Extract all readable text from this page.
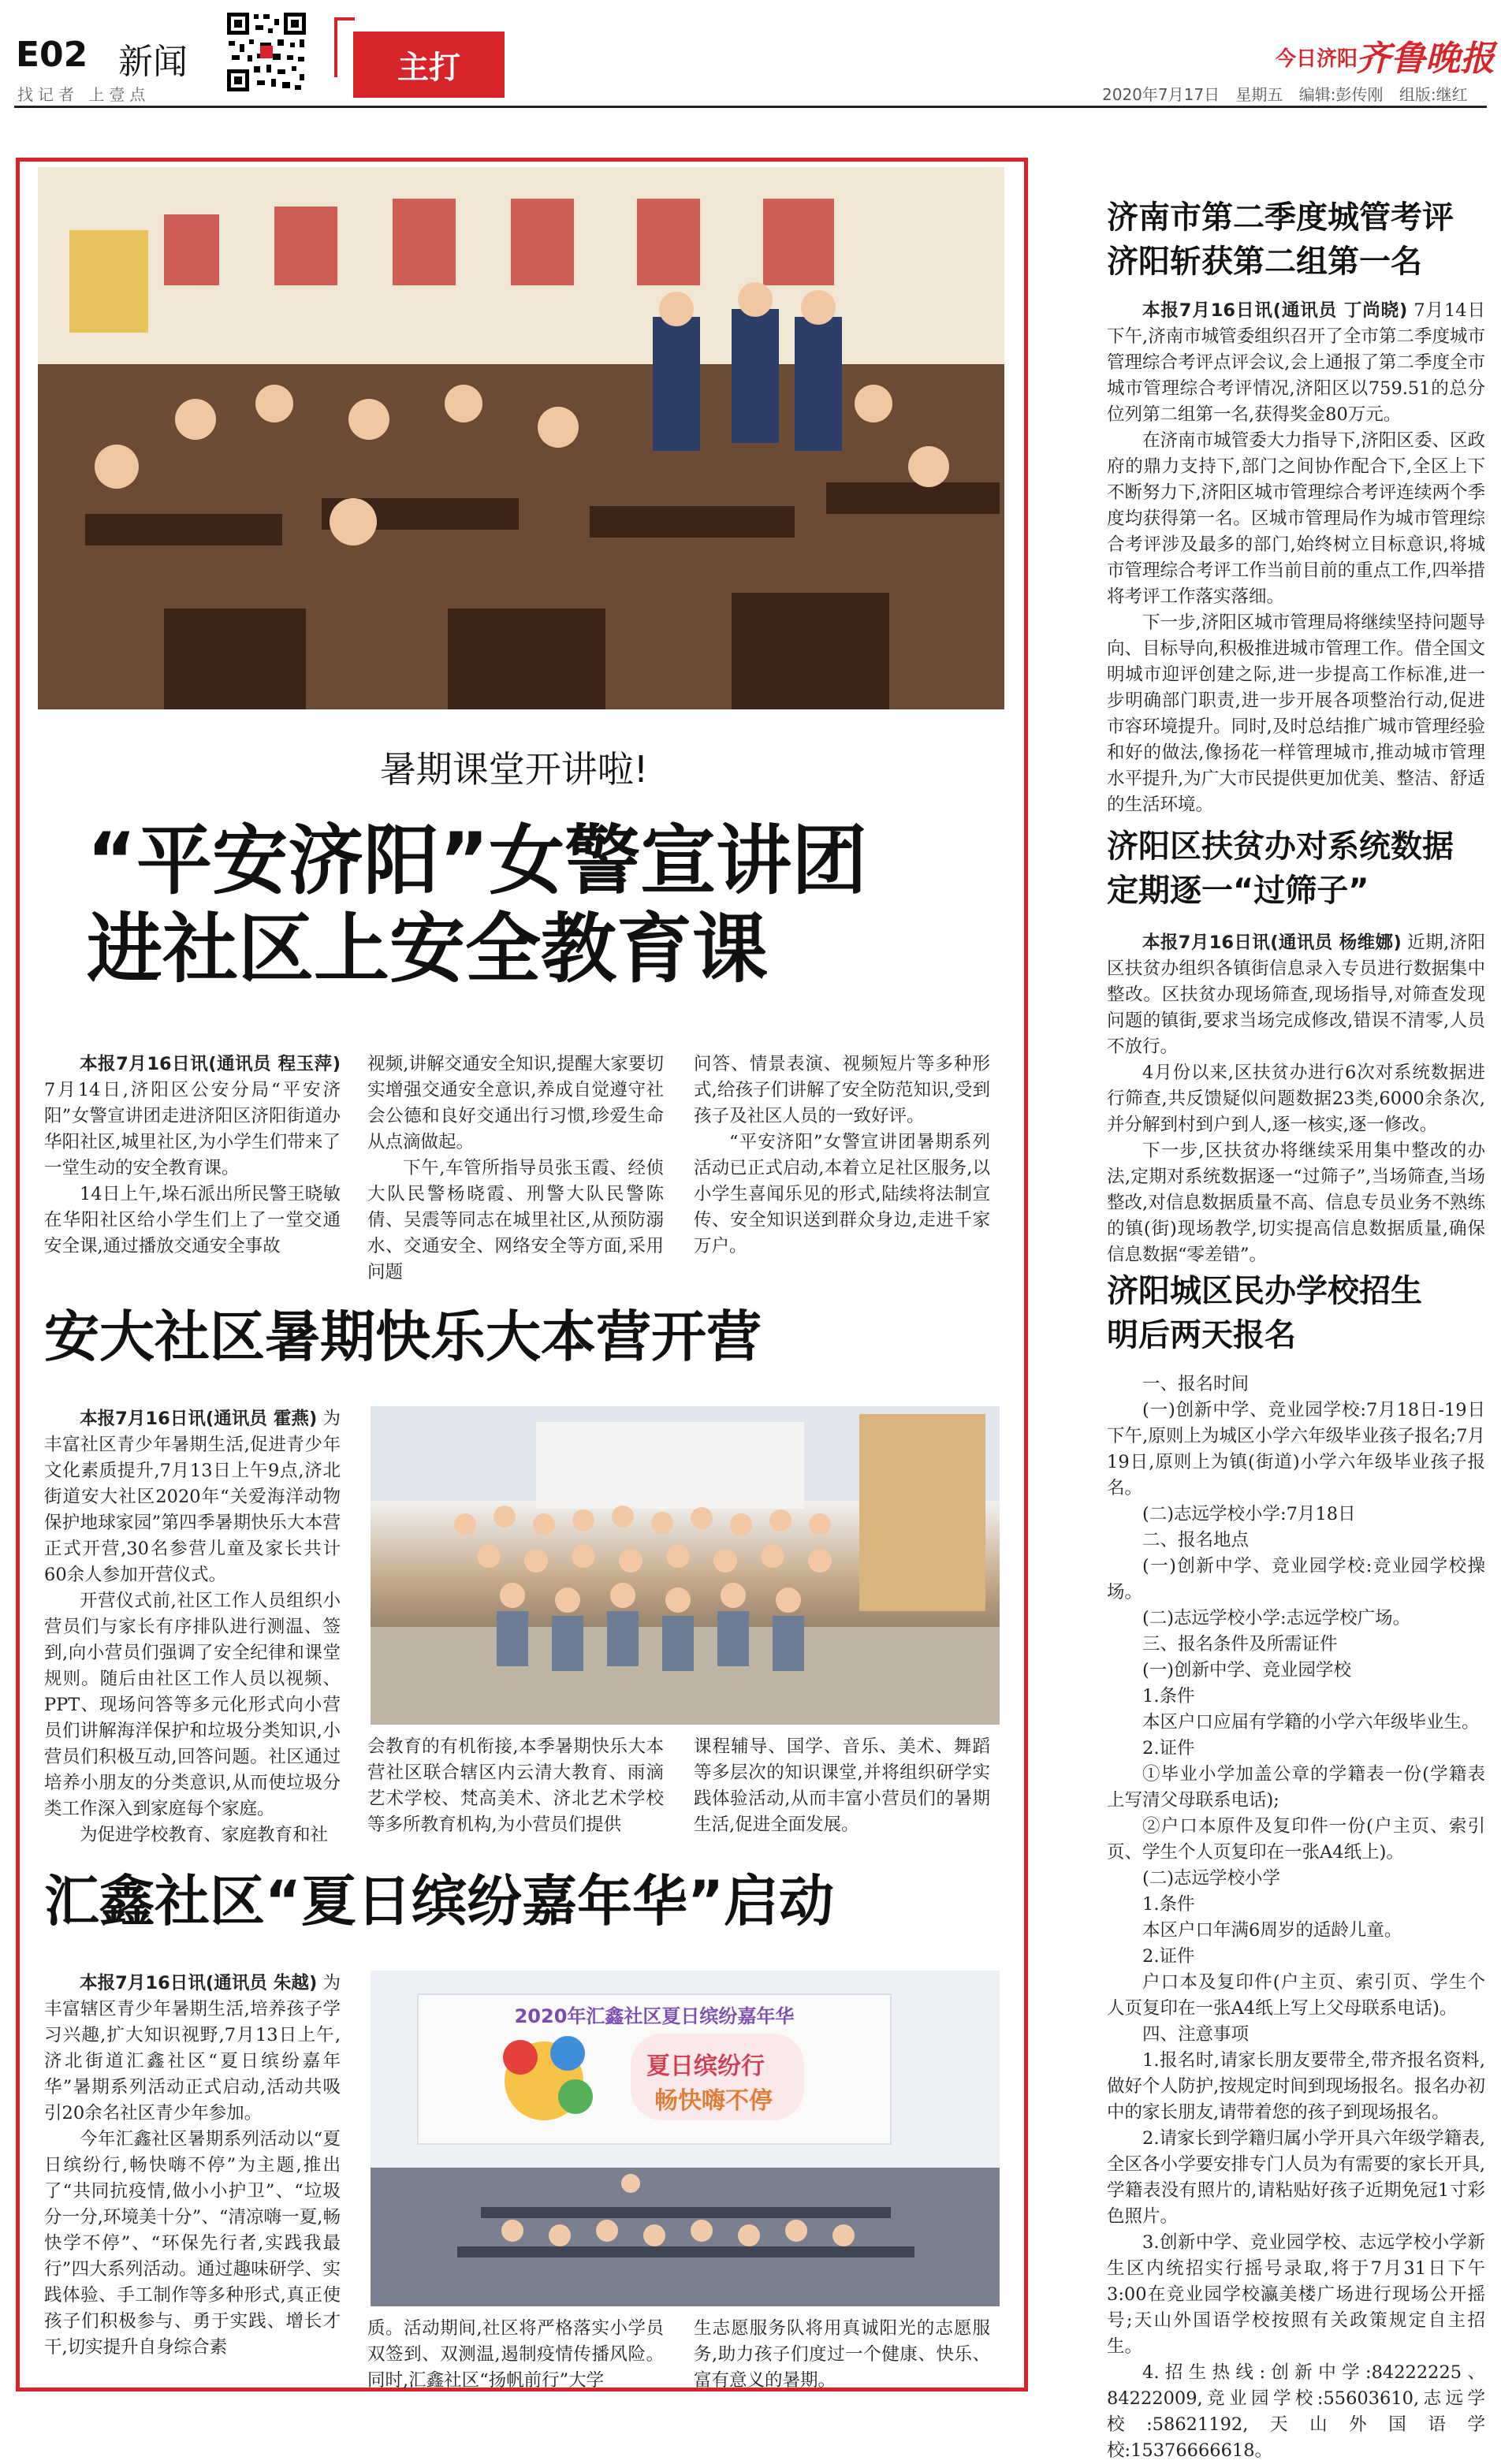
E02 新闻
找记者 上壹点
主打	今日济阳
齐鲁晚报
2020年7月17日 星期五 编辑:彭传刚 组版:继红
暑期课堂开讲啦!
“平安济阳”女警宣讲团
进社区上安全教育课

本报7月16日讯(通讯员 程玉萍) 7月14日,济阳区公安分局“平安济阳”女警宣讲团走进济阳区济阳街道办华阳社区,城里社区,为小学生们带来了一堂生动的安全教育课。

14日上午,垛石派出所民警王晓敏在华阳社区给小学生们上了一堂交通安全课,通过播放交通安全事故

视频,讲解交通安全知识,提醒大家要切实增强交通安全意识,养成自觉遵守社会公德和良好交通出行习惯,珍爱生命从点滴做起。

下午,车管所指导员张玉霞、经侦大队民警杨晓霞、刑警大队民警陈倩、吴震等同志在城里社区,从预防溺水、交通安全、网络安全等方面,采用问题

问答、情景表演、视频短片等多种形式,给孩子们讲解了安全防范知识,受到孩子及社区人员的一致好评。

“平安济阳”女警宣讲团暑期系列活动已正式启动,本着立足社区服务,以小学生喜闻乐见的形式,陆续将法制宣传、安全知识送到群众身边,走进千家万户。

安大社区暑期快乐大本营开营

本报7月16日讯(通讯员 霍燕) 为丰富社区青少年暑期生活,促进青少年文化素质提升,7月13日上午9点,济北街道安大社区2020年“关爱海洋动物 保护地球家园”第四季暑期快乐大本营正式开营,30名参营儿童及家长共计60余人参加开营仪式。

开营仪式前,社区工作人员组织小营员们与家长有序排队进行测温、签到,向小营员们强调了安全纪律和课堂规则。随后由社区工作人员以视频、PPT、现场问答等多元化形式向小营员们讲解海洋保护和垃圾分类知识,小营员们积极互动,回答问题。社区通过培养小朋友的分类意识,从而使垃圾分类工作深入到家庭每个家庭。

为促进学校教育、家庭教育和社

会教育的有机衔接,本季暑期快乐大本营社区联合辖区内云清大教育、雨滴艺术学校、梵高美术、济北艺术学校等多所教育机构,为小营员们提供

课程辅导、国学、音乐、美术、舞蹈等多层次的知识课堂,并将组织研学实践体验活动,从而丰富小营员们的暑期生活,促进全面发展。

汇鑫社区“夏日缤纷嘉年华”启动

本报7月16日讯(通讯员 朱越) 为丰富辖区青少年暑期生活,培养孩子学习兴趣,扩大知识视野,7月13日上午,济北街道汇鑫社区“夏日缤纷嘉年华”暑期系列活动正式启动,活动共吸引20余名社区青少年参加。

今年汇鑫社区暑期系列活动以“夏日缤纷行,畅快嗨不停”为主题,推出了“共同抗疫情,做小小护卫”、“垃圾分一分,环境美十分”、“清凉嗨一夏,畅快学不停”、“环保先行者,实践我最行”四大系列活动。通过趣味研学、实践体验、手工制作等多种形式,真正使孩子们积极参与、勇于实践、增长才干,切实提升自身综合素

2020年汇鑫社区夏日缤纷嘉年华
夏日缤纷行
畅快嗨不停

质。活动期间,社区将严格落实小学员双签到、双测温,遏制疫情传播风险。同时,汇鑫社区“扬帆前行”大学

生志愿服务队将用真诚阳光的志愿服务,助力孩子们度过一个健康、快乐、富有意义的暑期。

济南市第二季度城管考评
济阳斩获第二组第一名

本报7月16日讯(通讯员 丁尚晓) 7月14日下午,济南市城管委组织召开了全市第二季度城市管理综合考评点评会议,会上通报了第二季度全市城市管理综合考评情况,济阳区以759.51的总分位列第二组第一名,获得奖金80万元。

在济南市城管委大力指导下,济阳区委、区政府的鼎力支持下,部门之间协作配合下,全区上下不断努力下,济阳区城市管理综合考评连续两个季度均获得第一名。区城市管理局作为城市管理综合考评涉及最多的部门,始终树立目标意识,将城市管理综合考评工作当前目前的重点工作,四举措将考评工作落实落细。

下一步,济阳区城市管理局将继续坚持问题导向、目标导向,积极推进城市管理工作。借全国文明城市迎评创建之际,进一步提高工作标准,进一步明确部门职责,进一步开展各项整治行动,促进市容环境提升。同时,及时总结推广城市管理经验和好的做法,像扬花一样管理城市,推动城市管理水平提升,为广大市民提供更加优美、整洁、舒适的生活环境。

济阳区扶贫办对系统数据
定期逐一“过筛子”

本报7月16日讯(通讯员 杨维娜) 近期,济阳区扶贫办组织各镇街信息录入专员进行数据集中整改。区扶贫办现场筛查,现场指导,对筛查发现问题的镇街,要求当场完成修改,错误不清零,人员不放行。

4月份以来,区扶贫办进行6次对系统数据进行筛查,共反馈疑似问题数据23类,6000余条次,并分解到村到户到人,逐一核实,逐一修改。

下一步,区扶贫办将继续采用集中整改的办法,定期对系统数据逐一“过筛子”,当场筛查,当场整改,对信息数据质量不高、信息专员业务不熟练的镇(街)现场教学,切实提高信息数据质量,确保信息数据“零差错”。

济阳城区民办学校招生
明后两天报名

一、报名时间

(一)创新中学、竞业园学校:7月18日-19日下午,原则上为城区小学六年级毕业孩子报名;7月19日,原则上为镇(街道)小学六年级毕业孩子报名。

(二)志远学校小学:7月18日

二、报名地点

(一)创新中学、竞业园学校:竞业园学校操场。

(二)志远学校小学:志远学校广场。

三、报名条件及所需证件

(一)创新中学、竞业园学校

1.条件

本区户口应届有学籍的小学六年级毕业生。

2.证件

①毕业小学加盖公章的学籍表一份(学籍表上写清父母联系电话);

②户口本原件及复印件一份(户主页、索引页、学生个人页复印在一张A4纸上)。

(二)志远学校小学

1.条件

本区户口年满6周岁的适龄儿童。

2.证件

户口本及复印件(户主页、索引页、学生个人页复印在一张A4纸上写上父母联系电话)。

四、注意事项

1.报名时,请家长朋友要带全,带齐报名资料,做好个人防护,按规定时间到现场报名。报名办初中的家长朋友,请带着您的孩子到现场报名。

2.请家长到学籍归属小学开具六年级学籍表,全区各小学要安排专门人员为有需要的家长开具,学籍表没有照片的,请粘贴好孩子近期免冠1寸彩色照片。

3.创新中学、竞业园学校、志远学校小学新生区内统招实行摇号录取,将于7月31日下午3:00在竞业园学校瀛美楼广场进行现场公开摇号;天山外国语学校按照有关政策规定自主招生。

4.招生热线:创新中学:84222225、84222009,竞业园学校:55603610,志远学校:58621192,天山外国语学校:15376666618。
